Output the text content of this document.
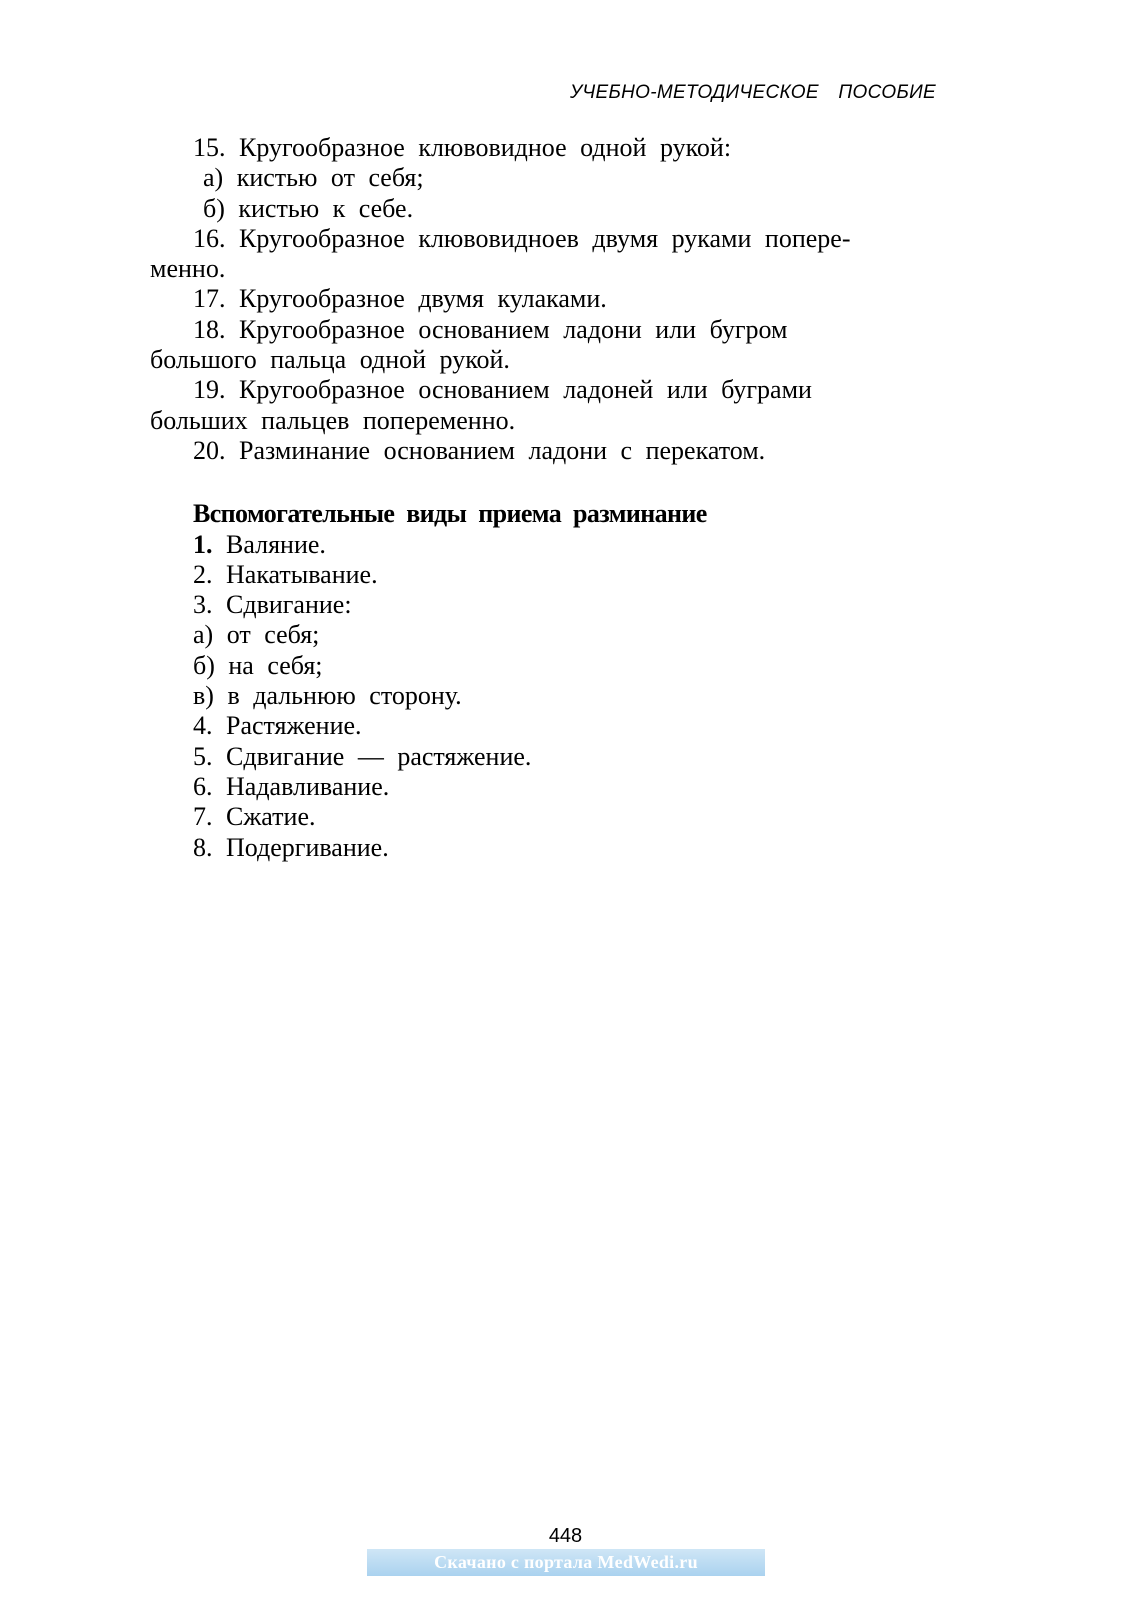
УЧЕБНО-МЕТОДИЧЕСКОЕ ПОСОБИЕ

15. Кругообразное клювовидное одной рукой:

а) кистью от себя;

б) кистью к себе.

16. Кругообразное клювовидноев двумя руками попере-

менно.

17. Кругообразное двумя кулаками.

18. Кругообразное основанием ладони или бугром

большого пальца одной рукой.

19. Кругообразное основанием ладоней или буграми

больших пальцев попеременно.

20. Разминание основанием ладони с перекатом.

Вспомогательные виды приема разминание

1. Валяние.

2. Накатывание.

3. Сдвигание:

а) от себя;

б) на себя;

в) в дальнюю сторону.

4. Растяжение.

5. Сдвигание — растяжение.

6. Надавливание.

7. Сжатие.

8. Подергивание.

448
Скачано с портала MedWedi.ru
